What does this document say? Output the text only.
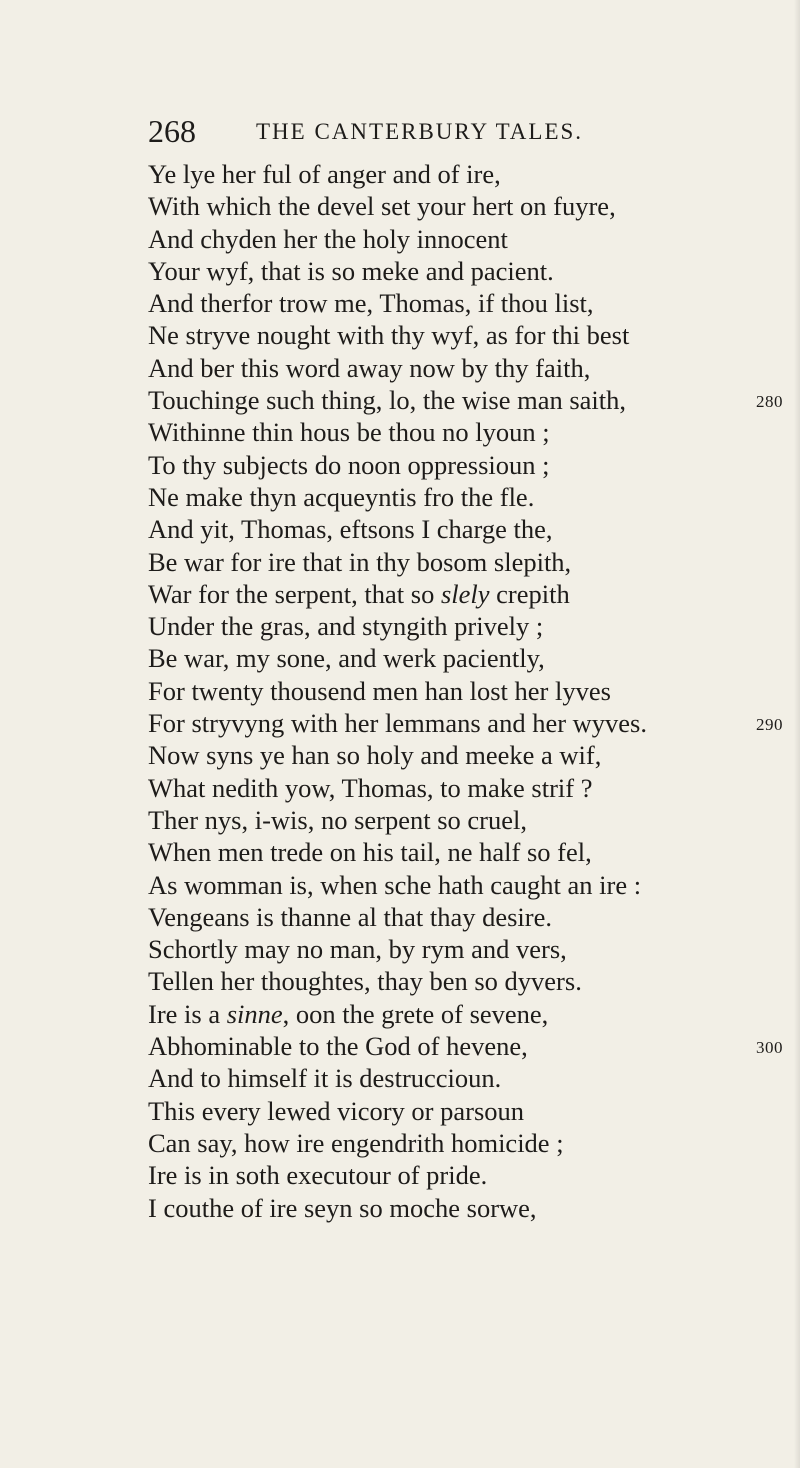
268	THE CANTERBURY TALES.
Ye lye her ful of anger and of ire,
With which the devel set your hert on fuyre,
And chyden her the holy innocent
Your wyf, that is so meke and pacient.
And therfor trow me, Thomas, if thou list,
Ne stryve nought with thy wyf, as for thi best
And ber this word away now by thy faith,
Touchinge such thing, lo, the wise man saith,	280
Withinne thin hous be thou no lyoun ;
To thy subjects do noon oppressioun ;
Ne make thyn acqueyntis fro the fle.
And yit, Thomas, eftsons I charge the,
Be war for ire that in thy bosom slepith,
War for the serpent, that so slely crepith
Under the gras, and styngith prively ;
Be war, my sone, and werk paciently,
For twenty thousend men han lost her lyves
For stryvyng with her lemmans and her wyves.	290
Now syns ye han so holy and meeke a wif,
What nedith yow, Thomas, to make strif ?
Ther nys, i-wis, no serpent so cruel,
When men trede on his tail, ne half so fel,
As womman is, when sche hath caught an ire :
Vengeans is thanne al that thay desire.
Schortly may no man, by rym and vers,
Tellen her thoughtes, thay ben so dyvers.
Ire is a sinne, oon the grete of sevene,
Abhominable to the God of hevene,	300
And to himself it is destruccioun.
This every lewed vicory or parsoun
Can say, how ire engendrith homicide ;
Ire is in soth executour of pride.
I couthe of ire seyn so moche sorwe,
